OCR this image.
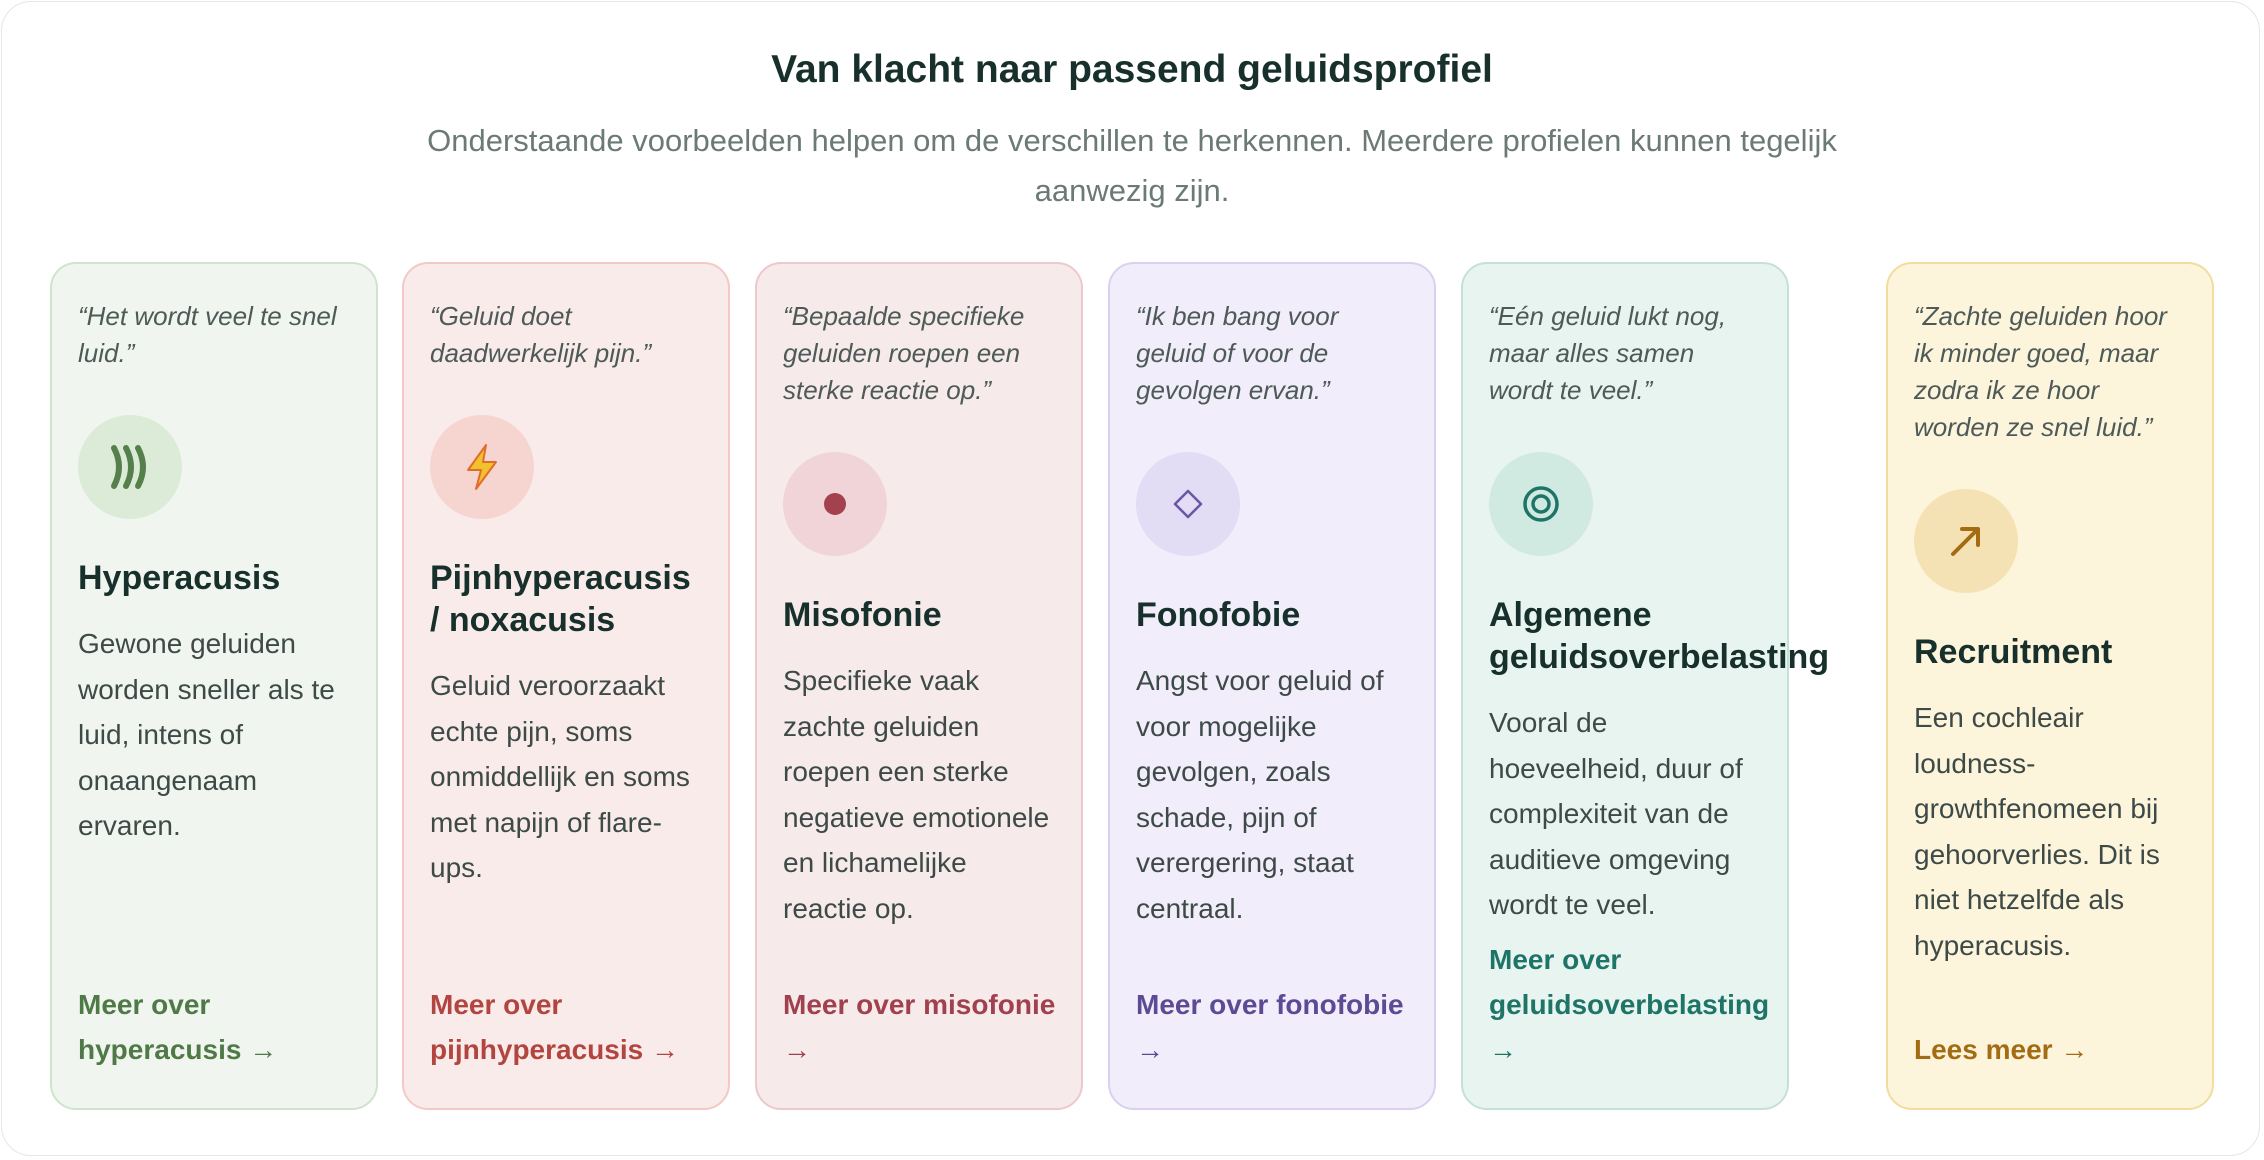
Van klacht naar passend geluidsprofiel

Onderstaande voorbeelden helpen om de verschillen te herkennen. Meerdere profielen kunnen tegelijk aanwezig zijn.

“Het wordt veel te snel luid.”

Hyperacusis

Gewone geluiden worden sneller als te luid, intens of onaangenaam ervaren.

Meer over hyperacusis →

“Geluid doet daadwerkelijk pijn.”

Pijnhyperacusis / noxacusis

Geluid veroorzaakt echte pijn, soms onmiddellijk en soms met napijn of flare-ups.

Meer over pijnhyperacusis →

“Bepaalde specifieke geluiden roepen een sterke reactie op.”

Misofonie

Specifieke vaak zachte geluiden roepen een sterke negatieve emotionele en lichamelijke reactie op.

Meer over misofonie →

“Ik ben bang voor geluid of voor de gevolgen ervan.”

Fonofobie

Angst voor geluid of voor mogelijke gevolgen, zoals schade, pijn of verergering, staat centraal.

Meer over fonofobie →

“Eén geluid lukt nog, maar alles samen wordt te veel.”

Algemene geluidsoverbelasting

Vooral de hoeveelheid, duur of complexiteit van de auditieve omgeving wordt te veel.

Meer over geluidsoverbelasting →

“Zachte geluiden hoor ik minder goed, maar zodra ik ze hoor worden ze snel luid.”

Recruitment

Een cochleair loudness-growthfenomeen bij gehoorverlies. Dit is niet hetzelfde als hyperacusis.

Lees meer →
